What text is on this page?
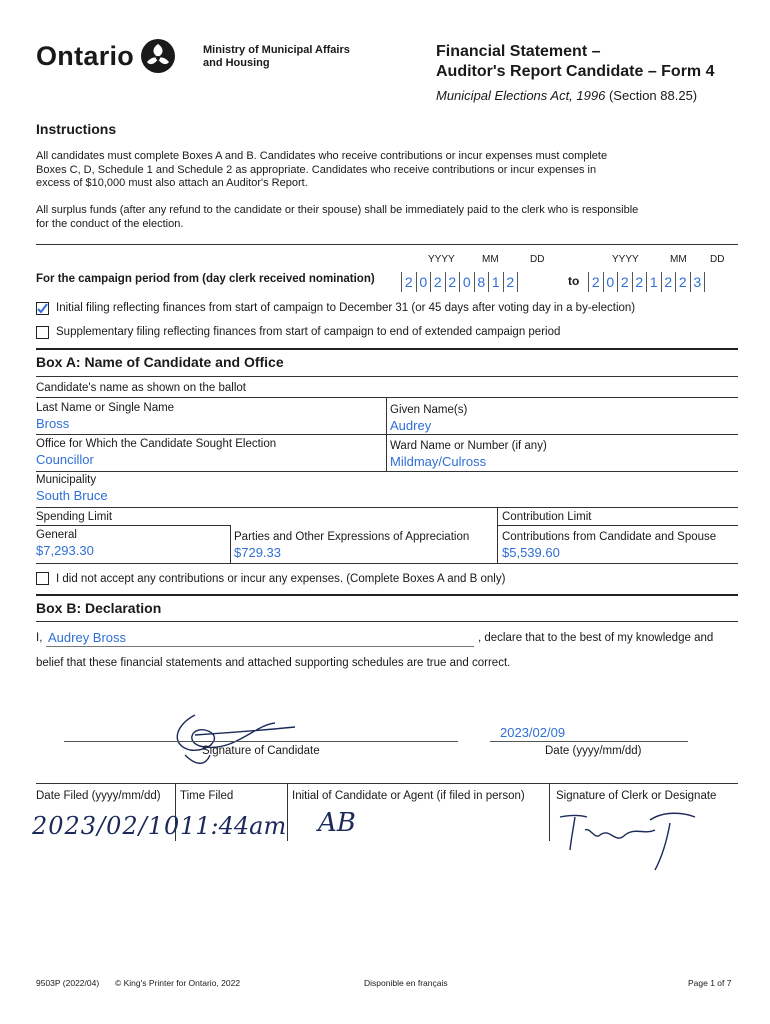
Ontario	Ministry of Municipal Affairs
and Housing
Financial Statement –
Auditor's Report Candidate – Form 4
Municipal Elections Act, 1996 (Section 88.25)
Instructions
All candidates must complete Boxes A and B. Candidates who receive contributions or incur expenses must complete
Boxes C, D, Schedule 1 and Schedule 2 as appropriate. Candidates who receive contributions or incur expenses in
excess of $10,000 must also attach an Auditor's Report.
All surplus funds (after any refund to the candidate or their spouse) shall be immediately paid to the clerk who is responsible
for the conduct of the election.
YYYY	MM	DD	YYYY	MM DD
For the campaign period from (day clerk received nomination) 2 0 2 2 0 8 1 2	to 2 0 2 2 1 2 2 3
Initial filing reflecting finances from start of campaign to December 31 (or 45 days after voting day in a by-election)
Supplementary filing reflecting finances from start of campaign to end of extended campaign period
Box A: Name of Candidate and Office
Candidate's name as shown on the ballot
Last Name or Single Name
Bross
Given Name(s)
Audrey
Office for Which the Candidate Sought Election
Councillor
Ward Name or Number (if any)
Mildmay/Culross
Municipality
South Bruce
Spending Limit	Contribution Limit
General
$7,293.30
Parties and Other Expressions of Appreciation
$729.33
Contributions from Candidate and Spouse
$5,539.60
I did not accept any contributions or incur any expenses. (Complete Boxes A and B only)
Box B: Declaration
I, Audrey Bross	, declare that to the best of my knowledge and
belief that these financial statements and attached supporting schedules are true and correct.
Signature of Candidate
2023/02/09
Date (yyyy/mm/dd)
Date Filed (yyyy/mm/dd) Time Filed	Initial of Candidate or Agent (if filed in person)	Signature of Clerk or Designate
2023/02/10 11:44am AB
9503P (2022/04) © King's Printer for Ontario, 2022	Disponible en français	Page 1 of 7
